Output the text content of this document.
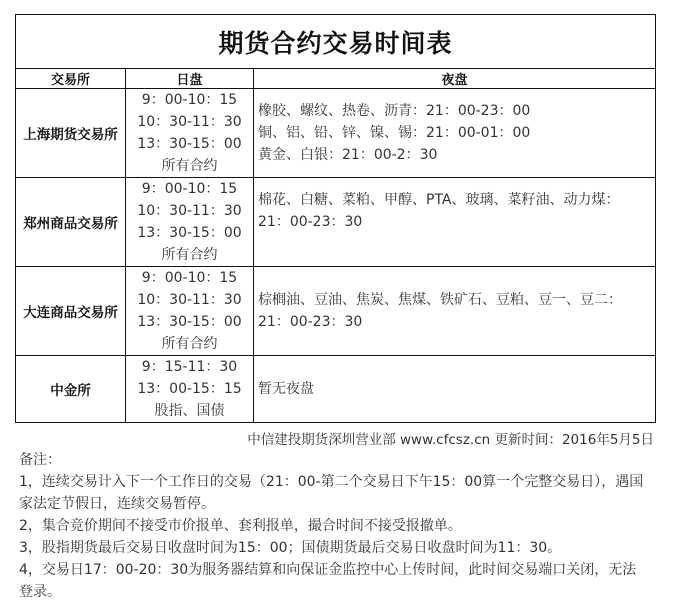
期货合约交易时间表		
交易所	日盘	夜盘
上海期货交易所	9：00-10：15
10：30-11：30
13：30-15：00
所有合约	橡胶、螺纹、热卷、沥青：21：00-23：00
铜、铝、铅、锌、镍、锡：21：00-01：00
黄金、白银：21：00-2：30

郑州商品交易所	9：00-10：15
10：30-11：30
13：30-15：00
所有合约	棉花、白糖、菜粕、甲醇、PTA、玻璃、菜籽油、动力煤：
21：00-23：30

大连商品交易所	9：00-10：15
10：30-11：30
13：30-15：00
所有合约	棕榈油、豆油、焦炭、焦煤、铁矿石、豆粕、豆一、豆二：
21：00-23：30

中金所	9：15-11：30
13：00-15：15
股指、国债	暂无夜盘
中信建投期货深圳营业部 www.cfcsz.cn 更新时间：2016年5月5日

备注：

1，连续交易计入下一个工作日的交易（21：00-第二个交易日下午15：00算一个完整交易日），遇国家法定节假日，连续交易暂停。

2，集合竞价期间不接受市价报单、套利报单，撮合时间不接受报撤单。

3，股指期货最后交易日收盘时间为15：00；国债期货最后交易日收盘时间为11：30。

4，交易日17：00-20：30为服务器结算和向保证金监控中心上传时间，此时间交易端口关闭，无法登录。
